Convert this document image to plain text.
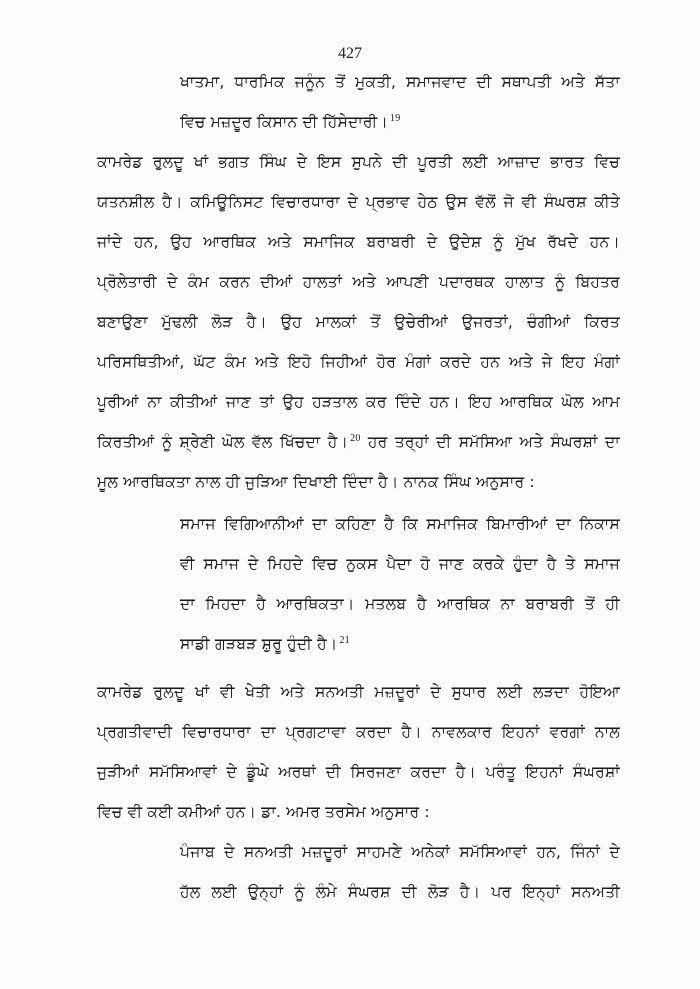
427
ਖਾਤਮਾ, ਧਾਰਮਿਕ ਜਨੂੰਨ ਤੋਂ ਮੁਕਤੀ, ਸਮਾਜਵਾਦ ਦੀ ਸਥਾਪਤੀ ਅਤੇ ਸੱਤਾ
ਵਿਚ ਮਜ਼ਦੂਰ ਕਿਸਾਨ ਦੀ ਹਿੱਸੇਦਾਰੀ। $^{19}$
ਕਾਮਰੇਡ ਰੁਲਦੂ ਖਾਂ ਭਗਤ ਸਿੰਘ ਦੇ ਇਸ ਸੁਪਨੇ ਦੀ ਪੂਰਤੀ ਲਈ ਆਜ਼ਾਦ ਭਾਰਤ ਵਿਚ
ਯਤਨਸ਼ੀਲ ਹੈ। ਕਮਿਊਨਿਸਟ ਵਿਚਾਰਧਾਰਾ ਦੇ ਪ੍ਰਭਾਵ ਹੇਠ ਉਸ ਵੱਲੋਂ ਜੋ ਵੀ ਸੰਘਰਸ਼ ਕੀਤੇ
ਜਾਂਦੇ ਹਨ, ਉਹ ਆਰਥਿਕ ਅਤੇ ਸਮਾਜਿਕ ਬਰਾਬਰੀ ਦੇ ਉਦੇਸ਼ ਨੂੰ ਮੁੱਖ ਰੱਖਦੇ ਹਨ।
ਪ੍ਰੋਲੇਤਾਰੀ ਦੇ ਕੰਮ ਕਰਨ ਦੀਆਂ ਹਾਲਤਾਂ ਅਤੇ ਆਪਣੀ ਪਦਾਰਥਕ ਹਾਲਾਤ ਨੂੰ ਬਿਹਤਰ
ਬਣਾਉਣਾ ਮੁੱਢਲੀ ਲੋੜ ਹੈ। ਉਹ ਮਾਲਕਾਂ ਤੋਂ ਉਚੇਰੀਆਂ ਉਜਰਤਾਂ, ਚੰਗੀਆਂ ਕਿਰਤ
ਪਰਿਸਥਿਤੀਆਂ, ਘੱਟ ਕੰਮ ਅਤੇ ਇਹੋ ਜਿਹੀਆਂ ਹੋਰ ਮੰਗਾਂ ਕਰਦੇ ਹਨ ਅਤੇ ਜੇ ਇਹ ਮੰਗਾਂ
ਪੂਰੀਆਂ ਨਾ ਕੀਤੀਆਂ ਜਾਣ ਤਾਂ ਉਹ ਹੜਤਾਲ ਕਰ ਦਿੰਦੇ ਹਨ। ਇਹ ਆਰਥਿਕ ਘੋਲ ਆਮ
ਕਿਰਤੀਆਂ ਨੂੰ ਸ਼੍ਰੇਣੀ ਘੋਲ ਵੱਲ ਖਿੱਚਦਾ ਹੈ। $^{20}$ ਹਰ ਤਰ੍ਹਾਂ ਦੀ ਸਮੱਸਿਆ ਅਤੇ ਸੰਘਰਸ਼ਾਂ ਦਾ
ਮੂਲ ਆਰਥਿਕਤਾ ਨਾਲ ਹੀ ਜੁੜਿਆ ਦਿਖਾਈ ਦਿੰਦਾ ਹੈ। ਨਾਨਕ ਸਿੰਘ ਅਨੁਸਾਰ :
ਸਮਾਜ ਵਿਗਿਆਨੀਆਂ ਦਾ ਕਹਿਣਾ ਹੈ ਕਿ ਸਮਾਜਿਕ ਬਿਮਾਰੀਆਂ ਦਾ ਨਿਕਾਸ
ਵੀ ਸਮਾਜ ਦੇ ਮਿਹਦੇ ਵਿਚ ਨੁਕਸ ਪੈਦਾ ਹੋ ਜਾਣ ਕਰਕੇ ਹੁੰਦਾ ਹੈ ਤੇ ਸਮਾਜ
ਦਾ ਮਿਹਦਾ ਹੈ ਆਰਥਿਕਤਾ। ਮਤਲਬ ਹੈ ਆਰਥਿਕ ਨਾ ਬਰਾਬਰੀ ਤੋਂ ਹੀ
ਸਾਡੀ ਗੜਬੜ ਸ਼ੁਰੂ ਹੁੰਦੀ ਹੈ। $^{21}$
ਕਾਮਰੇਡ ਰੁਲਦੂ ਖਾਂ ਵੀ ਖੇਤੀ ਅਤੇ ਸਨਅਤੀ ਮਜ਼ਦੂਰਾਂ ਦੇ ਸੁਧਾਰ ਲਈ ਲੜਦਾ ਹੋਇਆ
ਪ੍ਰਗਤੀਵਾਦੀ ਵਿਚਾਰਧਾਰਾ ਦਾ ਪ੍ਰਗਟਾਵਾ ਕਰਦਾ ਹੈ। ਨਾਵਲਕਾਰ ਇਹਨਾਂ ਵਰਗਾਂ ਨਾਲ
ਜੁੜੀਆਂ ਸਮੱਸਿਆਵਾਂ ਦੇ ਡੂੰਘੇ ਅਰਥਾਂ ਦੀ ਸਿਰਜਣਾ ਕਰਦਾ ਹੈ। ਪਰੰਤੂ ਇਹਨਾਂ ਸੰਘਰਸ਼ਾਂ
ਵਿਚ ਵੀ ਕਈ ਕਮੀਆਂ ਹਨ। ਡਾ. ਅਮਰ ਤਰਸੇਮ ਅਨੁਸਾਰ :
ਪੰਜਾਬ ਦੇ ਸਨਅਤੀ ਮਜ਼ਦੂਰਾਂ ਸਾਹਮਣੇ ਅਨੇਕਾਂ ਸਮੱਸਿਆਵਾਂ ਹਨ, ਜਿੰਨਾਂ ਦੇ
ਹੱਲ ਲਈ ਉਨ੍ਹਾਂ ਨੂੰ ਲੰਮੇ ਸੰਘਰਸ਼ ਦੀ ਲੋੜ ਹੈ। ਪਰ ਇਨ੍ਹਾਂ ਸਨਅਤੀ
